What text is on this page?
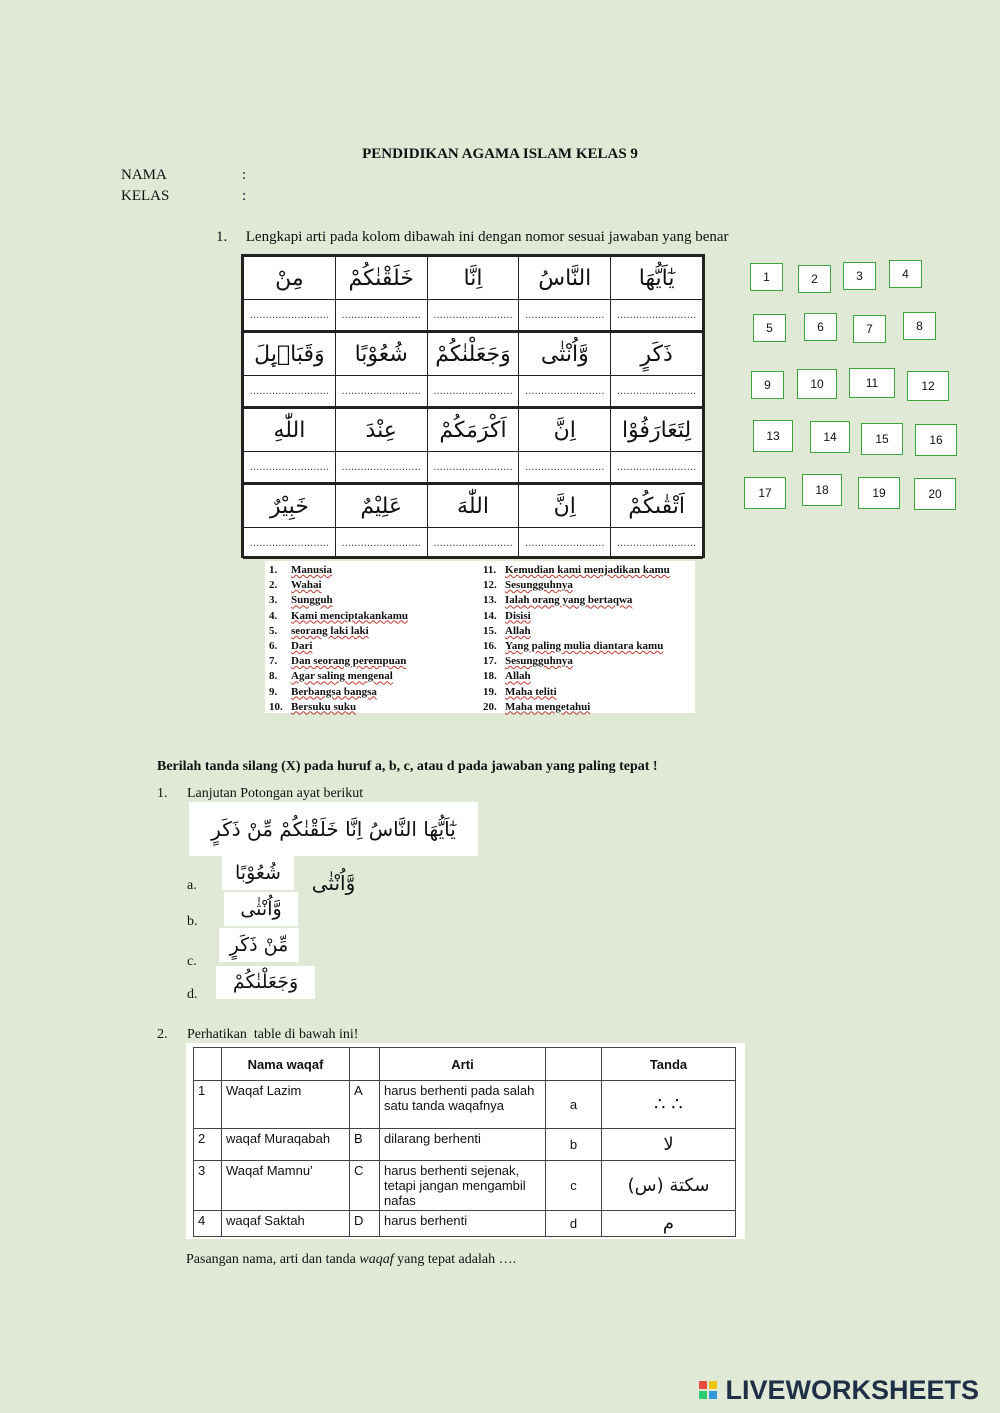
PENDIDIKAN AGAMA ISLAM KELAS 9
NAMA	:
KELAS	:
1. Lengkapi arti pada kolom dibawah ini dengan nomor sesuai jawaban yang benar
مِنْ	خَلَقْنٰكُمْ	اِنَّا	النَّاسُ	يٰٓاَيُّهَا
.........................	.........................	.........................	.........................	.........................
وَقَبَاۤىِٕلَ	شُعُوْبًا	وَجَعَلْنٰكُمْ	وَّاُنْثٰى	ذَكَرٍ
.........................	.........................	.........................	.........................	.........................
اللّٰهِ	عِنْدَ	اَكْرَمَكُمْ	اِنَّ	لِتَعَارَفُوْا
.........................	.........................	.........................	.........................	.........................
خَبِيْرٌ	عَلِيْمٌ	اللّٰهَ	اِنَّ	اَتْقٰىكُمْ
.........................	.........................	.........................	.........................	.........................
1	2	3	4
5	6	7	8
9	10	11	12
13	14	15	16
17	18	19	20
1. Manusia
2. Wahai
3. Sungguh
4. Kami menciptakankamu
5. seorang laki laki
6. Dari
7. Dan seorang perempuan
8. Agar saling mengenal
9. Berbangsa bangsa
10. Bersuku suku
11. Kemudian kami menjadikan kamu
12. Sesungguhnya
13. Ialah orang yang bertaqwa
14. Disisi
15. Allah
16. Yang paling mulia diantara kamu
17. Sesungguhnya
18. Allah
19. Maha teliti
20. Maha mengetahui
Berilah tanda silang (X) pada huruf a, b, c, atau d pada jawaban yang paling tepat !
1. Lanjutan Potongan ayat berikut
يٰٓاَيُّهَا النَّاسُ اِنَّا خَلَقْنٰكُمْ مِّنْ ذَكَرٍ وَّاُنْثٰى
a.
شُعُوْبًا
b.
وَّاُنْثٰى
c.
مِّنْ ذَكَرٍ
d.
وَجَعَلْنٰكُمْ
2. Perhatikan  table di bawah ini!
	Nama waqaf		Arti		Tanda
1	Waqaf Lazim	A	harus berhenti pada salah satu tanda waqafnya	a	∴ ∴
2	waqaf Muraqabah	B	dilarang berhenti	b	لا
3	Waqaf Mamnu’	C	harus berhenti sejenak, tetapi jangan mengambil nafas	c	سكتة (س)
4	waqaf Saktah	D	harus berhenti	d	م
Pasangan nama, arti dan tanda waqaf yang tepat adalah ….
LIVEWORKSHEETS
